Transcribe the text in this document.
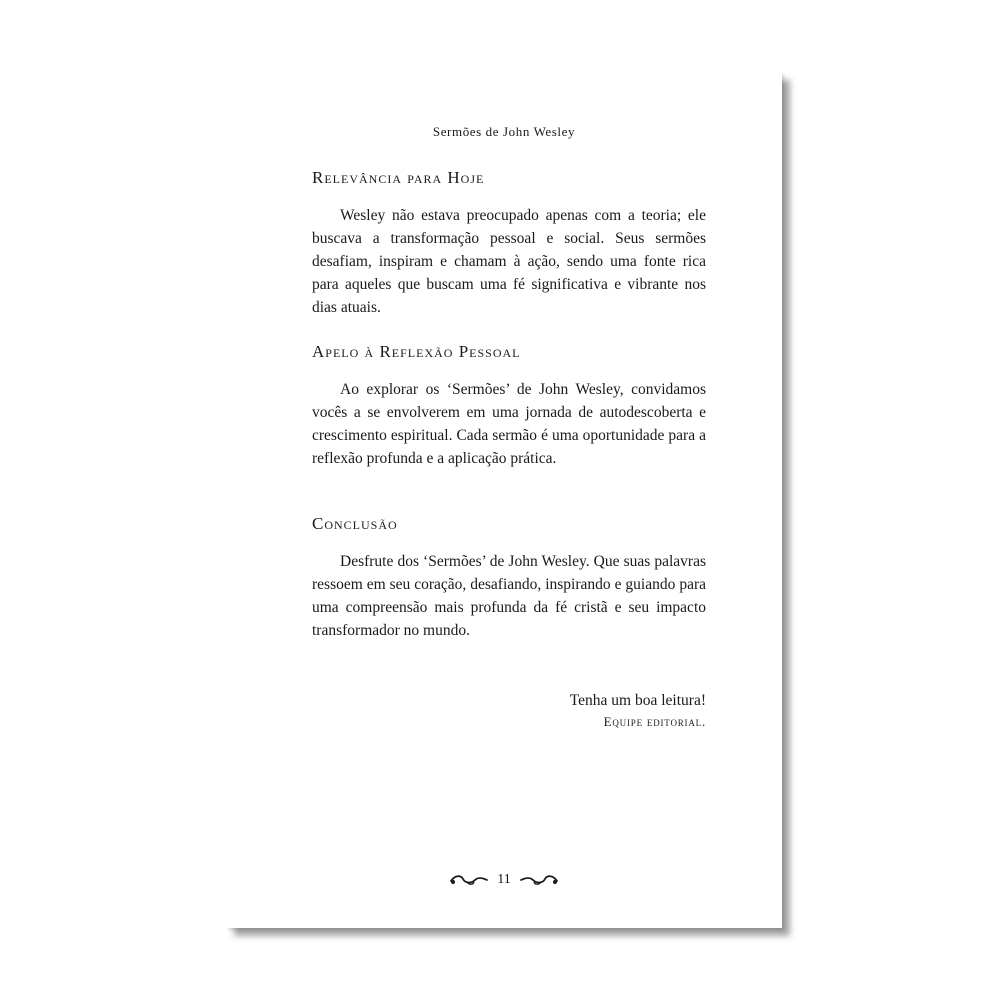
Sermões de John Wesley
Relevância para Hoje

Wesley não estava preocupado apenas com a teoria; ele buscava a transformação pessoal e social. Seus sermões desafiam, inspiram e chamam à ação, sendo uma fonte rica para aqueles que buscam uma fé significativa e vibrante nos dias atuais.

Apelo à Reflexão Pessoal

Ao explorar os ‘Sermões’ de John Wesley, convidamos vocês a se envolverem em uma jornada de autodescoberta e crescimento espiritual. Cada sermão é uma oportunidade para a reflexão profunda e a aplicação prática.

Conclusão

Desfrute dos ‘Sermões’ de John Wesley. Que suas palavras ressoem em seu coração, desafiando, inspirando e guiando para uma compreensão mais profunda da fé cristã e seu impacto transformador no mundo.

Tenha um boa leitura!
Equipe editorial.
11
